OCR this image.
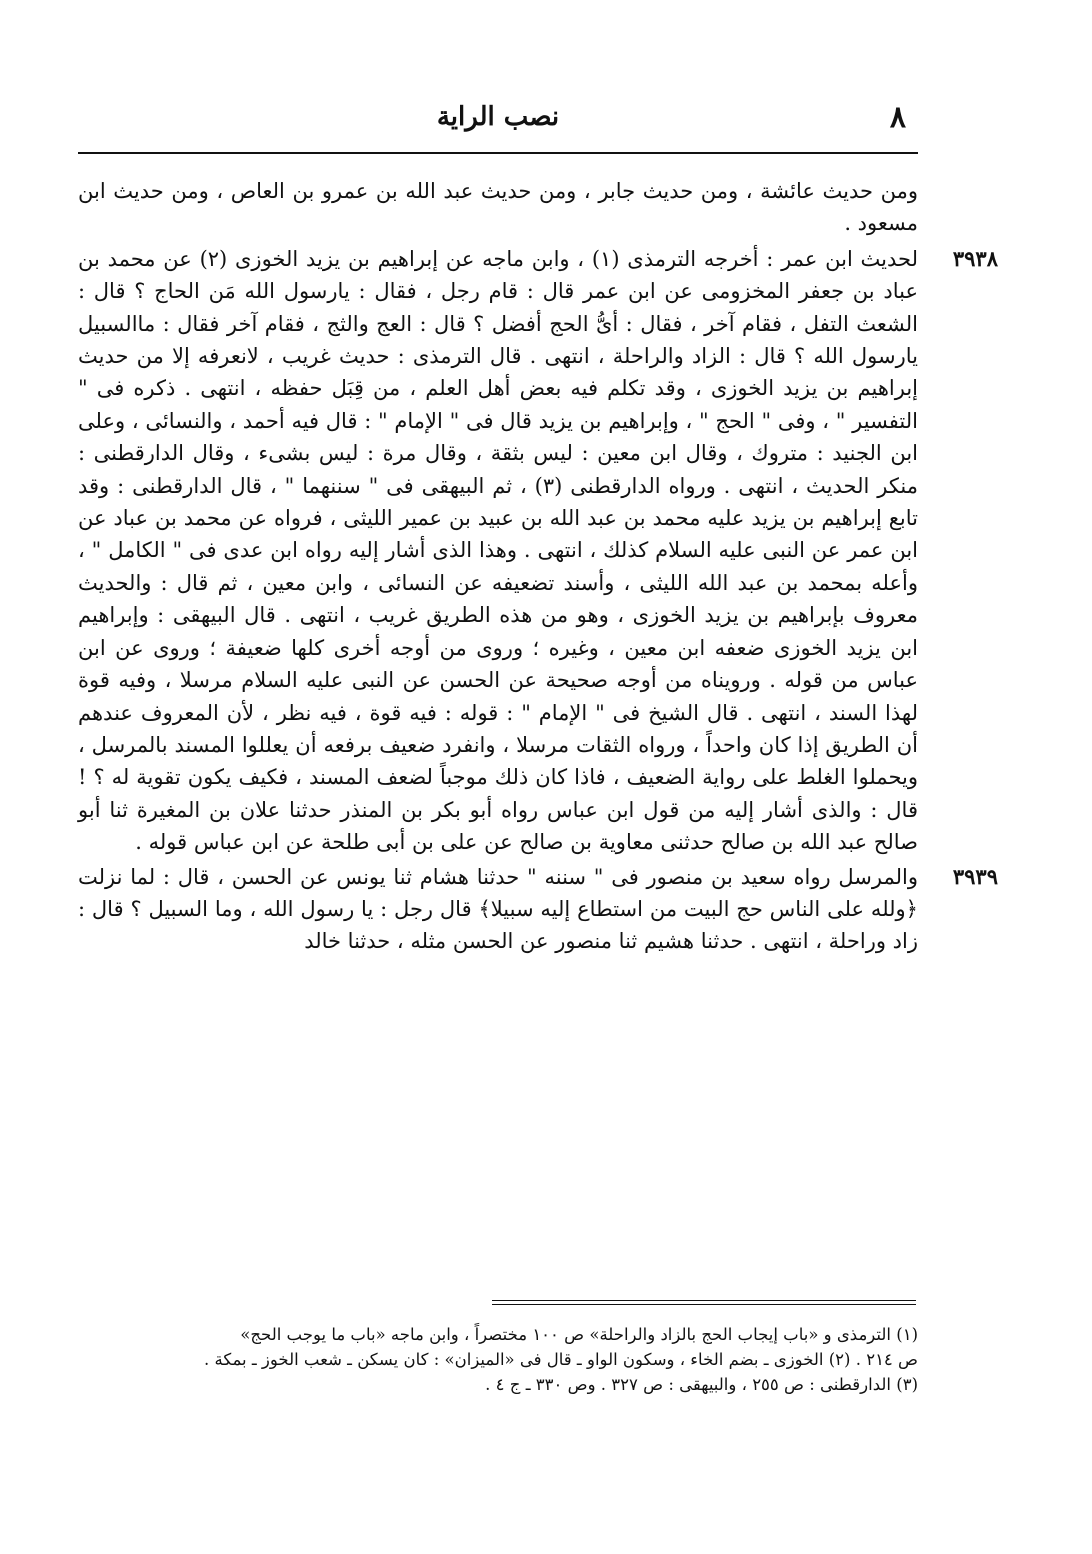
٨
نصب الراية

ومن حديث عائشة ، ومن حديث جابر ، ومن حديث عبد الله بن عمرو بن العاص ، ومن حديث ابن مسعود .

٣٩٣٨

لحديث ابن عمر : أخرجه الترمذى (١) ، وابن ماجه عن إبراهيم بن يزيد الخوزى (٢) عن محمد بن عباد بن جعفر المخزومى عن ابن عمر قال : قام رجل ، فقال : يارسول الله مَن الحاج ؟ قال : الشعث التفل ، فقام آخر ، فقال : أىُّ الحج أفضل ؟ قال : العج والثج ، فقام آخر فقال : ماالسبيل يارسول الله ؟ قال : الزاد والراحلة ، انتهى . قال الترمذى : حديث غريب ، لانعرفه إلا من حديث إبراهيم بن يزيد الخوزى ، وقد تكلم فيه بعض أهل العلم ، من قِبَل حفظه ، انتهى . ذكره فى " التفسير " ، وفى " الحج " ، وإبراهيم بن يزيد قال فى " الإمام " : قال فيه أحمد ، والنسائى ، وعلى ابن الجنيد : متروك ، وقال ابن معين : ليس بثقة ، وقال مرة : ليس بشىء ، وقال الدارقطنى : منكر الحديث ، انتهى . ورواه الدارقطنى (٣) ، ثم البيهقى فى " سننهما " ، قال الدارقطنى : وقد تابع إبراهيم بن يزيد عليه محمد بن عبد الله بن عبيد بن عمير الليثى ، فرواه عن محمد بن عباد عن ابن عمر عن النبى عليه السلام كذلك ، انتهى . وهذا الذى أشار إليه رواه ابن عدى فى " الكامل " ، وأعله بمحمد بن عبد الله الليثى ، وأسند تضعيفه عن النسائى ، وابن معين ، ثم قال : والحديث معروف بإبراهيم بن يزيد الخوزى ، وهو من هذه الطريق غريب ، انتهى . قال البيهقى : وإبراهيم ابن يزيد الخوزى ضعفه ابن معين ، وغيره ؛ وروى من أوجه أخرى كلها ضعيفة ؛ وروى عن ابن عباس من قوله . ورويناه من أوجه صحيحة عن الحسن عن النبى عليه السلام مرسلا ، وفيه قوة لهذا السند ، انتهى . قال الشيخ فى " الإمام " : قوله : فيه قوة ، فيه نظر ، لأن المعروف عندهم أن الطريق إذا كان واحداً ، ورواه الثقات مرسلا ، وانفرد ضعيف برفعه أن يعللوا المسند بالمرسل ، ويحملوا الغلط على رواية الضعيف ، فاذا كان ذلك موجباً لضعف المسند ، فكيف يكون تقوية له ؟ ! قال : والذى أشار إليه من قول ابن عباس رواه أبو بكر بن المنذر حدثنا علان بن المغيرة ثنا أبو صالح عبد الله بن صالح حدثنى معاوية بن صالح عن على بن أبى طلحة عن ابن عباس قوله .

٣٩٣٩

والمرسل رواه سعيد بن منصور فى " سننه " حدثنا هشام ثنا يونس عن الحسن ، قال : لما نزلت ﴿ولله على الناس حج البيت من استطاع إليه سبيلا﴾ قال رجل : يا رسول الله ، وما السبيل ؟ قال : زاد وراحلة ، انتهى . حدثنا هشيم ثنا منصور عن الحسن مثله ، حدثنا خالد

(١) الترمذى و «باب إيجاب الحج بالزاد والراحلة» ص ١٠٠ مختصراً ، وابن ماجه «باب ما يوجب الحج»

ص ٢١٤ . (٢) الخوزى ـ بضم الخاء ، وسكون الواو ـ قال فى «الميزان» : كان يسكن ـ شعب الخوز ـ بمكة .

(٣) الدارقطنى : ص ٢٥٥ ، والبيهقى : ص ٣٢٧ . وص ٣٣٠ ـ ج ٤ .
